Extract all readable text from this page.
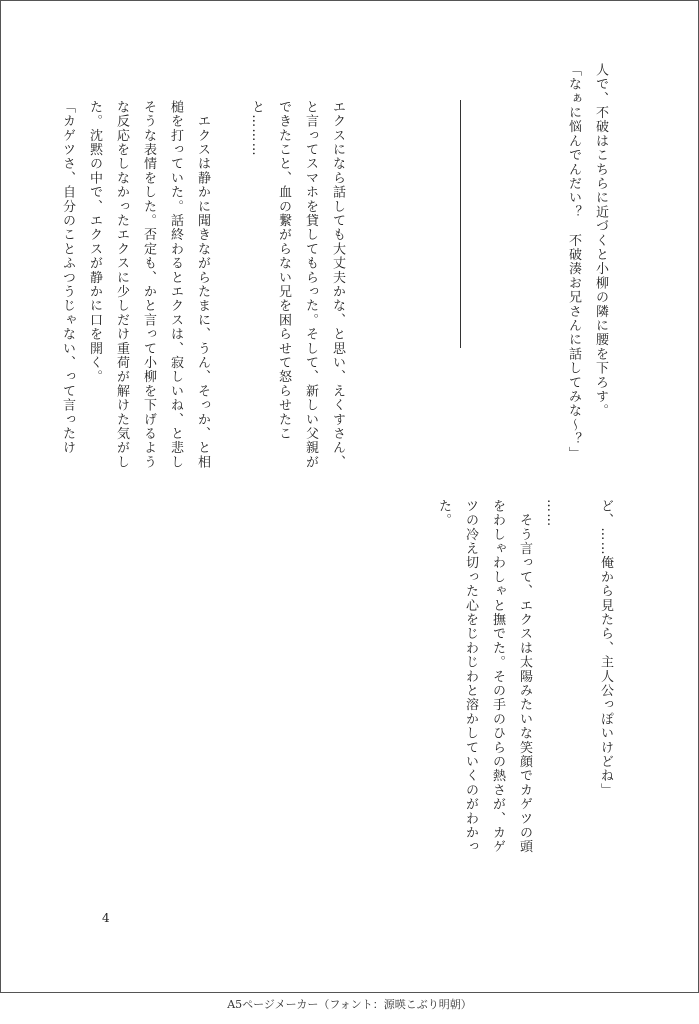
人で、不破はこちらに近づくと小柳の隣に腰を下ろす。
「なぁに悩んでんだい？　不破湊お兄さんに話してみな～？」
エクスになら話しても大丈夫かな、と思い、えくすさん、と言ってスマホを貸してもらった。そして、新しい父親ができたこと、血の繋がらない兄を困らせて怒らせたこと………

　エクスは静かに聞きながらたまに、うん、そっか、と相槌を打っていた。話終わるとエクスは、寂しいね、と悲しそうな表情をした。否定も、かと言って小柳を下げるような反応をしなかったエクスに少しだけ重荷が解けた気がした。沈黙の中で、エクスが静かに口を開く。
「カゲツさ、自分のことふつうじゃない、って言ったけ
ど、……俺から見たら、主人公っぽいけどね」

……
　そう言って、エクスは太陽みたいな笑顔でカゲツの頭をわしゃわしゃと撫でた。その手のひらの熱さが、カゲツの冷え切った心をじわじわと溶かしていくのがわかった。
4
A5ページメーカー（フォント：源暎こぶり明朝）
